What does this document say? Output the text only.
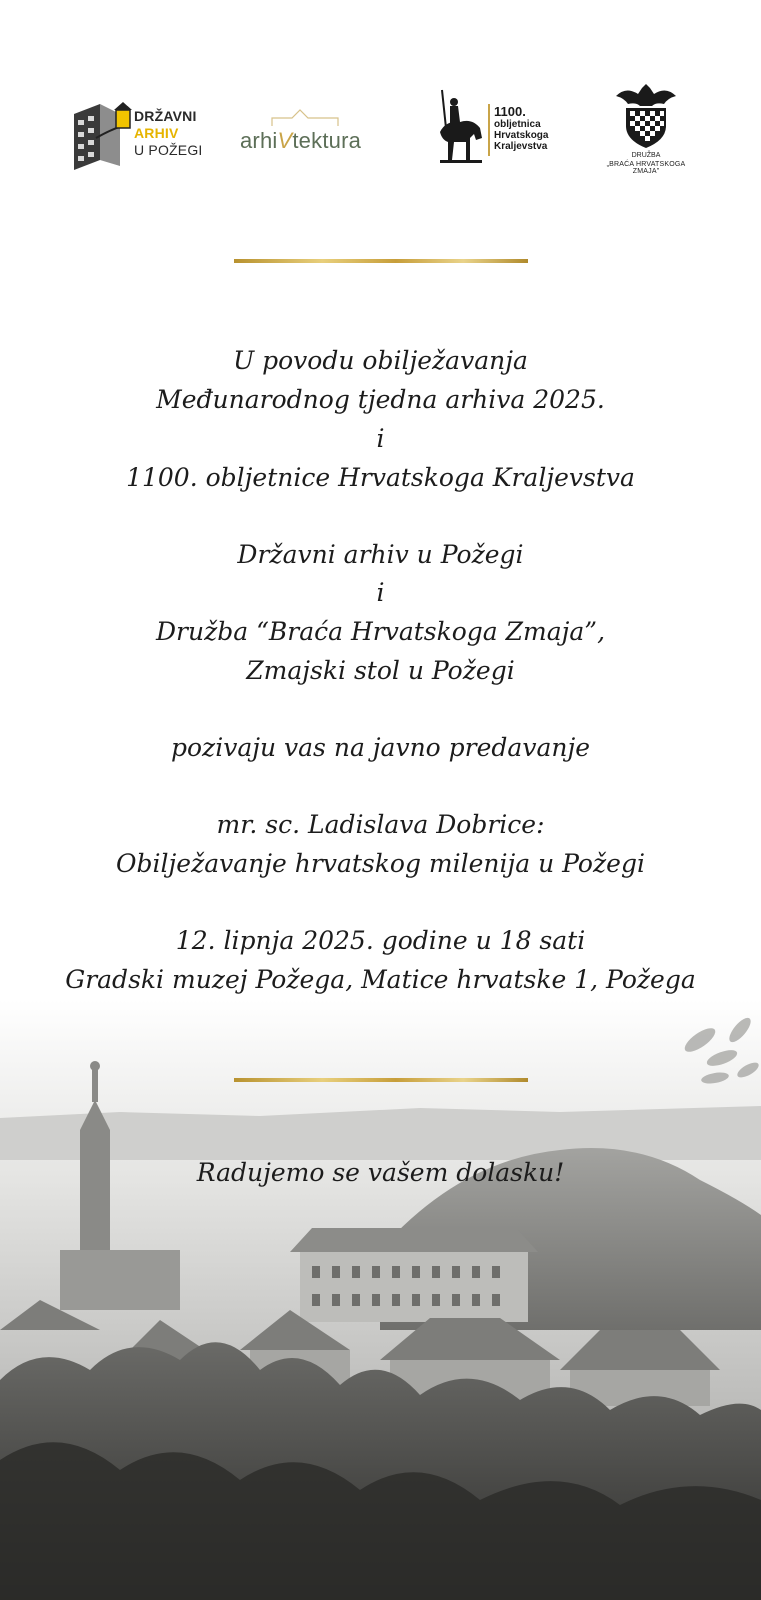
DRŽAVNI
ARHIV
U POŽEGI arhiVtektura
1100.
obljetnica
Hrvatskoga
Kraljevstva
DRUŽBA
„BRAĆA HRVATSKOGA ZMAJA”
U povodu obilježavanja
Međunarodnog tjedna arhiva 2025.
i
1100. obljetnice Hrvatskoga Kraljevstva
Državni arhiv u Požegi
i
Družba “Braća Hrvatskoga Zmaja”,
Zmajski stol u Požegi
pozivaju vas na javno predavanje
mr. sc. Ladislava Dobrice:
Obilježavanje hrvatskog milenija u Požegi
12. lipnja 2025. godine u 18 sati
Gradski muzej Požega, Matice hrvatske 1, Požega
Radujemo se vašem dolasku!
